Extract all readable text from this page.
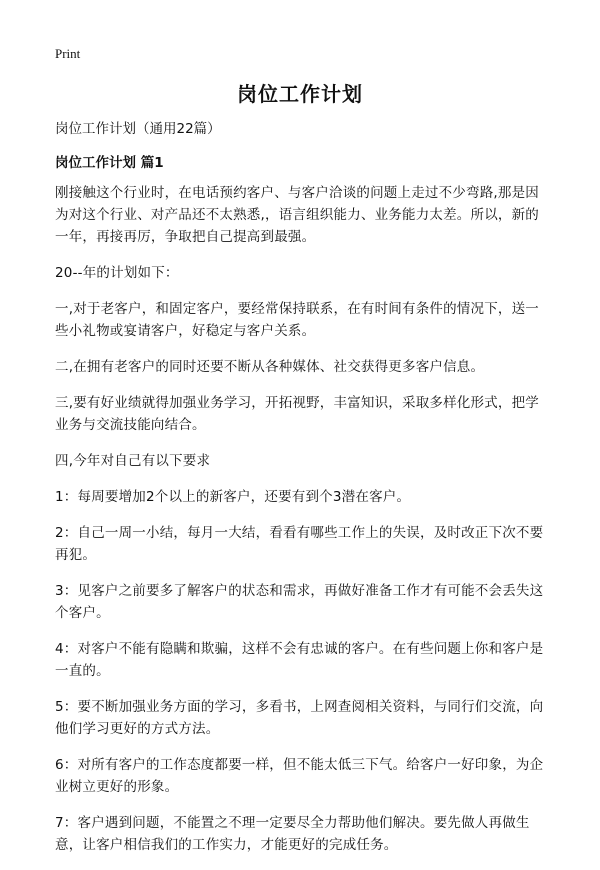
Print
岗位工作计划

岗位工作计划（通用22篇）

岗位工作计划 篇1

刚接触这个行业时，在电话预约客户、与客户洽谈的问题上走过不少弯路,那是因为对这个行业、对产品还不太熟悉,，语言组织能力、业务能力太差。所以，新的一年，再接再厉，争取把自己提高到最强。

20--年的计划如下：

一,对于老客户，和固定客户，要经常保持联系，在有时间有条件的情况下，送一些小礼物或宴请客户，好稳定与客户关系。

二,在拥有老客户的同时还要不断从各种媒体、社交获得更多客户信息。

三,要有好业绩就得加强业务学习，开拓视野，丰富知识，采取多样化形式，把学业务与交流技能向结合。

四,今年对自己有以下要求

1：每周要增加2个以上的新客户，还要有到个3潜在客户。

2：自己一周一小结，每月一大结，看看有哪些工作上的失误，及时改正下次不要再犯。

3：见客户之前要多了解客户的状态和需求，再做好准备工作才有可能不会丢失这个客户。

4：对客户不能有隐瞒和欺骗，这样不会有忠诚的客户。在有些问题上你和客户是一直的。

5：要不断加强业务方面的学习，多看书，上网查阅相关资料，与同行们交流，向他们学习更好的方式方法。

6：对所有客户的工作态度都要一样，但不能太低三下气。给客户一好印象，为企业树立更好的形象。

7：客户遇到问题，不能置之不理一定要尽全力帮助他们解决。要先做人再做生意，让客户相信我们的工作实力，才能更好的完成任务。
